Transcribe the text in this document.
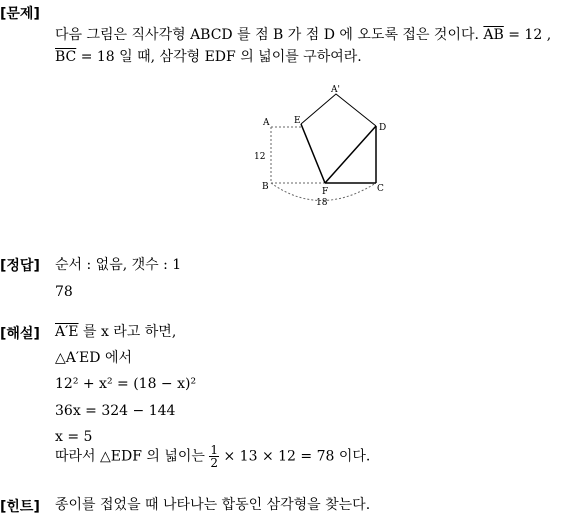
[문제]
다음 그림은 직사각형 ABCD 를 점 B 가 점 D 에 오도록 접은 것이다. $\overline{AB} = 12$ ,
$\overline{BC} = 18$ 일 때, 삼각형 EDF 의 넓이를 구하여라.
A'
A	E
D
B	F	C
12
18
[정답] 순서 : 없음, 갯수 : 1
78
[해설] A′E 를 x 라고 하면,
△A′ED 에서
12² + x² = (18 − x)²
36x = 324 − 144
x = 5
따라서 △EDF 의 넓이는 $\frac{1}{2} \times 13 \times 12 = 78$ 이다.
[힌트] 종이를 접었을 때 나타나는 합동인 삼각형을 찾는다.
